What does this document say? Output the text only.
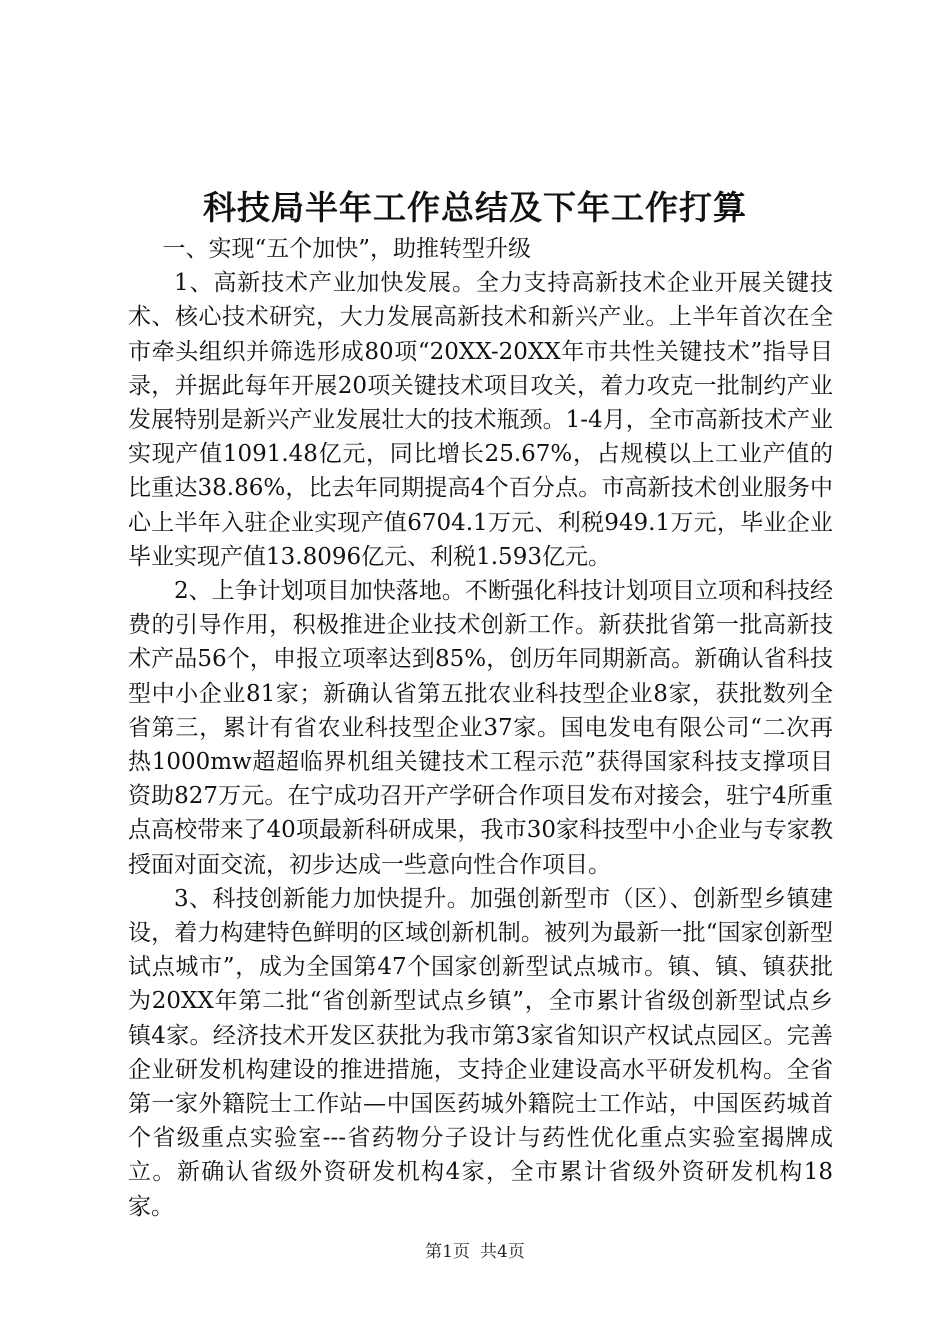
科技局半年工作总结及下年工作打算

一、实现“五个加快”，助推转型升级

1、高新技术产业加快发展。全力支持高新技术企业开展关键技术、核心技术研究，大力发展高新技术和新兴产业。上半年首次在全市牵头组织并筛选形成80项“20XX-20XX年市共性关键技术”指导目录，并据此每年开展20项关键技术项目攻关，着力攻克一批制约产业发展特别是新兴产业发展壮大的技术瓶颈。1-4月，全市高新技术产业实现产值1091.48亿元，同比增长25.67%，占规模以上工业产值的比重达38.86%，比去年同期提高4个百分点。市高新技术创业服务中心上半年入驻企业实现产值6704.1万元、利税949.1万元，毕业企业毕业实现产值13.8096亿元、利税1.593亿元。

2、上争计划项目加快落地。不断强化科技计划项目立项和科技经费的引导作用，积极推进企业技术创新工作。新获批省第一批高新技术产品56个，申报立项率达到85%，创历年同期新高。新确认省科技型中小企业81家；新确认省第五批农业科技型企业8家，获批数列全省第三，累计有省农业科技型企业37家。国电发电有限公司“二次再热1000mw超超临界机组关键技术工程示范”获得国家科技支撑项目资助827万元。在宁成功召开产学研合作项目发布对接会，驻宁4所重点高校带来了40项最新科研成果，我市30家科技型中小企业与专家教授面对面交流，初步达成一些意向性合作项目。

3、科技创新能力加快提升。加强创新型市（区）、创新型乡镇建设，着力构建特色鲜明的区域创新机制。被列为最新一批“国家创新型试点城市”，成为全国第47个国家创新型试点城市。镇、镇、镇获批为20XX年第二批“省创新型试点乡镇”，全市累计省级创新型试点乡镇4家。经济技术开发区获批为我市第3家省知识产权试点园区。完善企业研发机构建设的推进措施，支持企业建设高水平研发机构。全省第一家外籍院士工作站—中国医药城外籍院士工作站，中国医药城首个省级重点实验室---省药物分子设计与药性优化重点实验室揭牌成立。新确认省级外资研发机构4家，全市累计省级外资研发机构18家。

第1页 共4页
